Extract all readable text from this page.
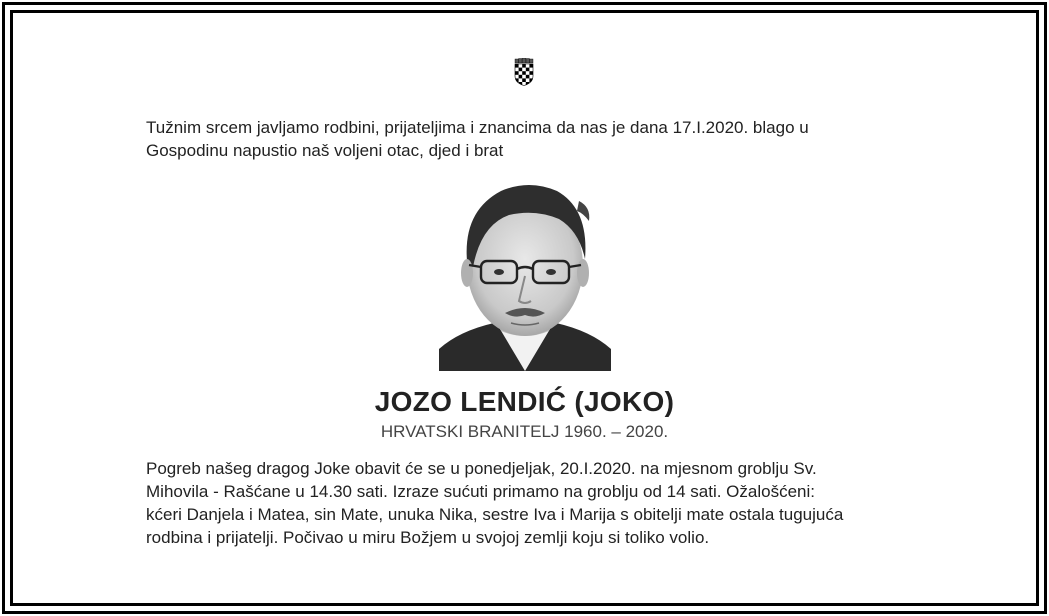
Tužnim srcem javljamo rodbini, prijateljima i znancima da nas je dana 17.I.2020. blago u
Gospodinu napustio naš voljeni otac, djed i brat
JOZO LENDIĆ (JOKO)
HRVATSKI BRANITELJ 1960. – 2020.
Pogreb našeg dragog Joke obavit će se u ponedjeljak, 20.I.2020. na mjesnom groblju Sv.
Mihovila - Rašćane u 14.30 sati. Izraze sućuti primamo na groblju od 14 sati. Ožalošćeni:
kćeri Danjela i Matea, sin Mate, unuka Nika, sestre Iva i Marija s obitelji mate ostala tugujuća
rodbina i prijatelji. Počivao u miru Božjem u svojoj zemlji koju si toliko volio.
